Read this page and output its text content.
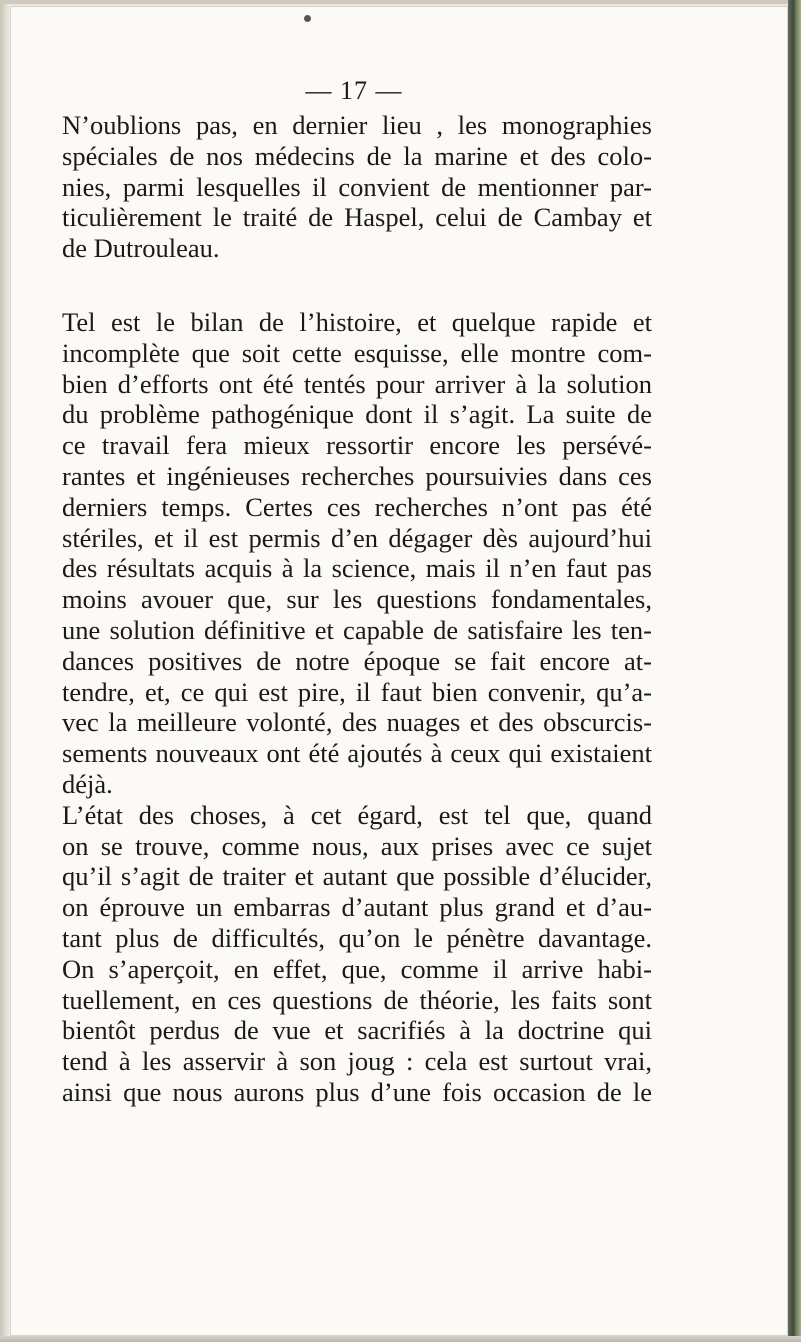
— 17 —
N’oublions pas, en dernier lieu , les monographies
spéciales de nos médecins de la marine et des colo-
nies, parmi lesquelles il convient de mentionner par-
ticulièrement le traité de Haspel, celui de Cambay et
de Dutrouleau.
Tel est le bilan de l’histoire, et quelque rapide et
incomplète que soit cette esquisse, elle montre com-
bien d’efforts ont été tentés pour arriver à la solution
du problème pathogénique dont il s’agit. La suite de
ce travail fera mieux ressortir encore les persévé-
rantes et ingénieuses recherches poursuivies dans ces
derniers temps. Certes ces recherches n’ont pas été
stériles, et il est permis d’en dégager dès aujourd’hui
des résultats acquis à la science, mais il n’en faut pas
moins avouer que, sur les questions fondamentales,
une solution définitive et capable de satisfaire les ten-
dances positives de notre époque se fait encore at-
tendre, et, ce qui est pire, il faut bien convenir, qu’a-
vec la meilleure volonté, des nuages et des obscurcis-
sements nouveaux ont été ajoutés à ceux qui existaient
déjà.
L’état des choses, à cet égard, est tel que, quand
on se trouve, comme nous, aux prises avec ce sujet
qu’il s’agit de traiter et autant que possible d’élucider,
on éprouve un embarras d’autant plus grand et d’au-
tant plus de difficultés, qu’on le pénètre davantage.
On s’aperçoit, en effet, que, comme il arrive habi-
tuellement, en ces questions de théorie, les faits sont
bientôt perdus de vue et sacrifiés à la doctrine qui
tend à les asservir à son joug : cela est surtout vrai,
ainsi que nous aurons plus d’une fois occasion de le
